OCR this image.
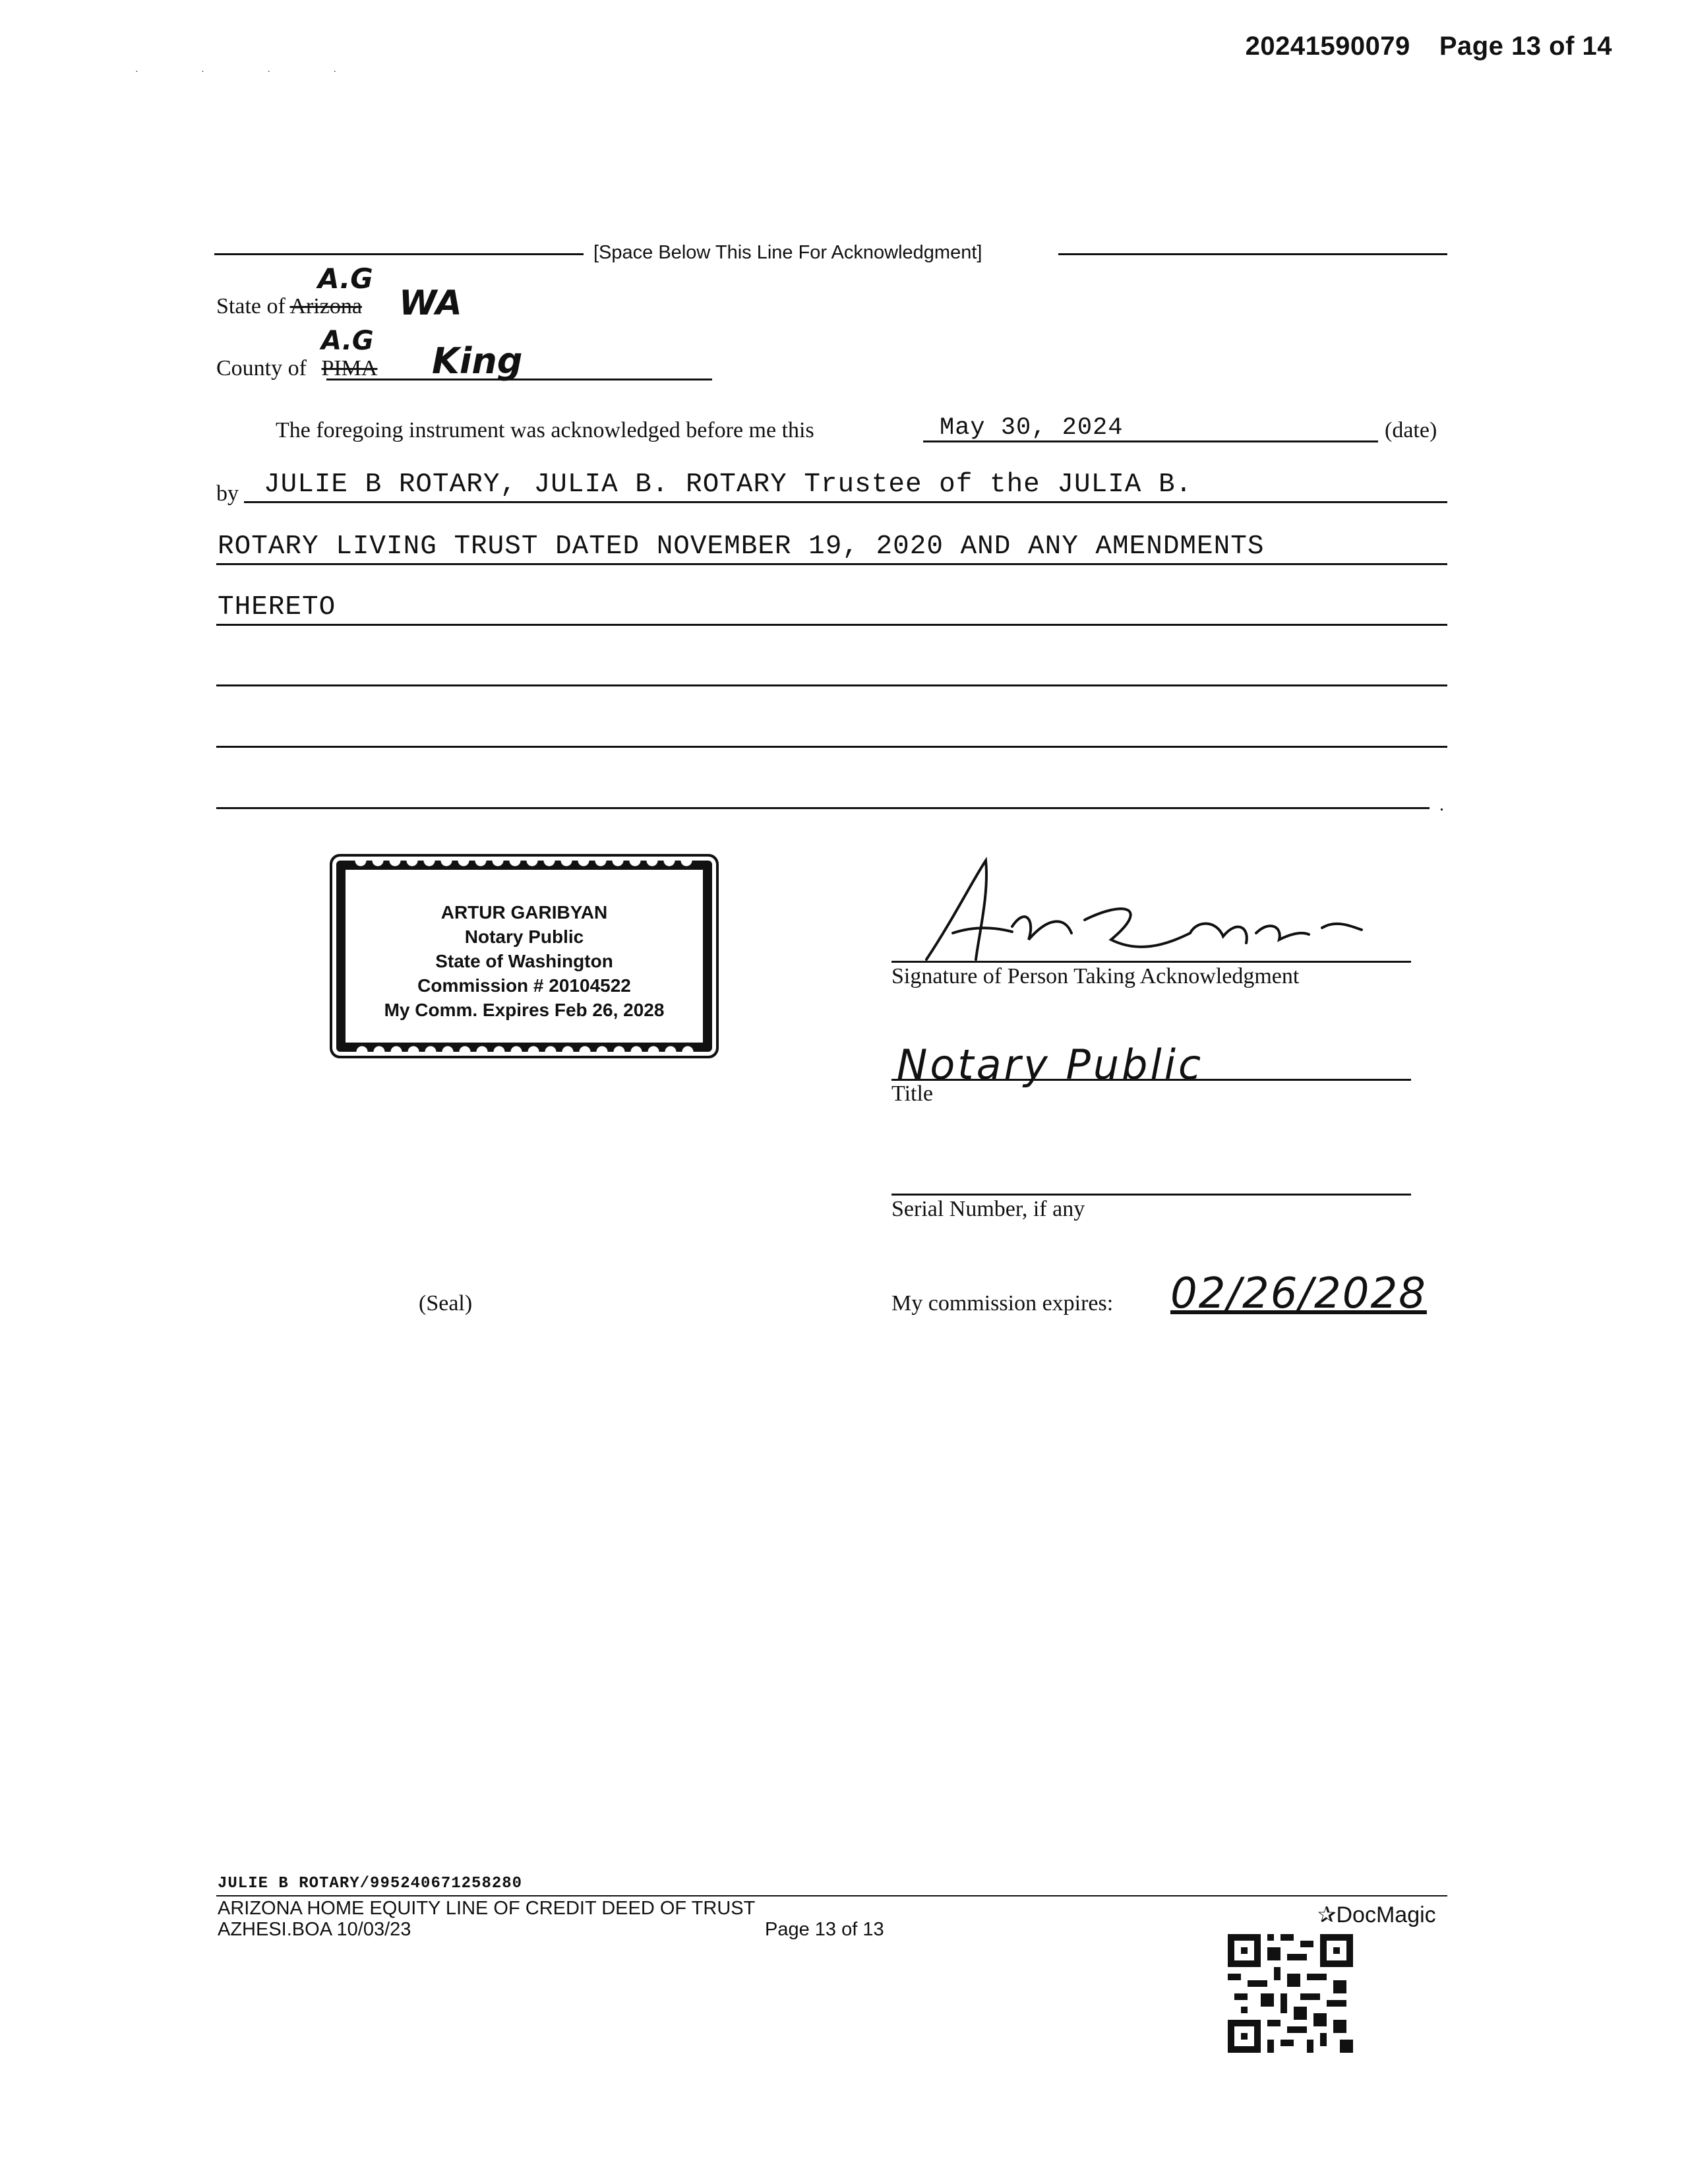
20241590079 Page 13 of 14
· · · ·
[Space Below This Line For Acknowledgment]
State of Arizona
A.G
WA
County of PIMA
A.G King
The foregoing instrument was acknowledged before me this	May 30, 2024	(date)
by JULIE B ROTARY, JULIA B. ROTARY Trustee of the JULIA B.
ROTARY LIVING TRUST DATED NOVEMBER 19, 2020 AND ANY AMENDMENTS
THERETO
.
ARTUR GARIBYAN
Notary Public
State of Washington
Commission # 20104522
My Comm. Expires Feb 26, 2028
Signature of Person Taking Acknowledgment
Notary Public
Title
Serial Number, if any
(Seal)	My commission expires: 02/26/2028
JULIE B ROTARY/995240671258280
ARIZONA HOME EQUITY LINE OF CREDIT DEED OF TRUST
AZHESI.BOA 10/03/23	Page 13 of 13
✰DocMagic
